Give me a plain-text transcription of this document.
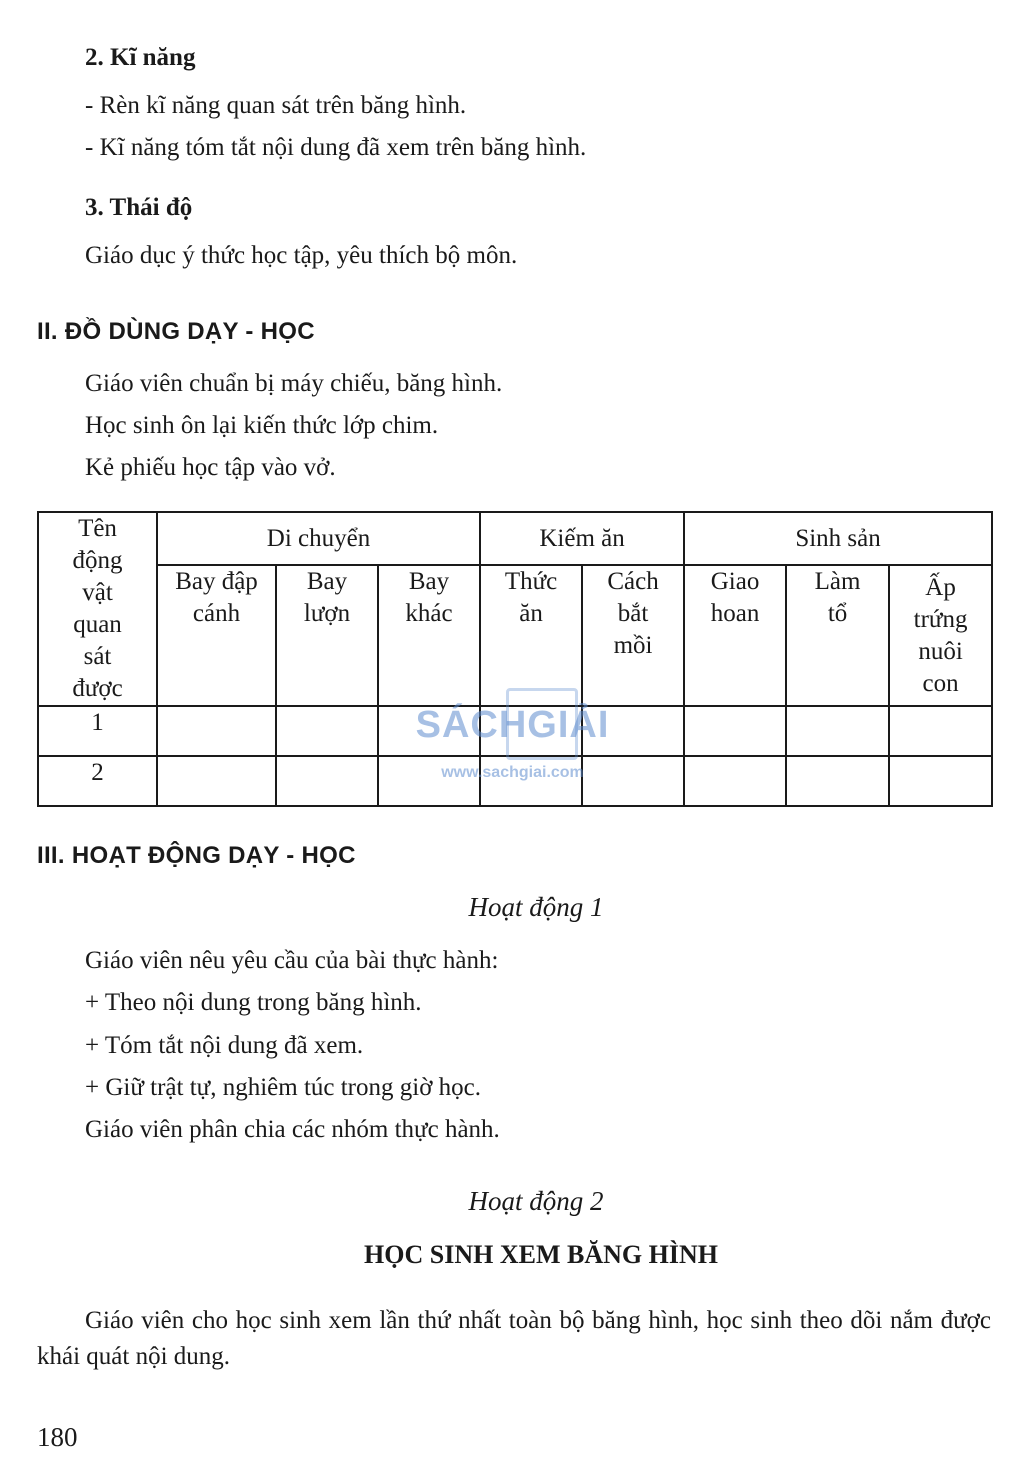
2. Kĩ năng
- Rèn kĩ năng quan sát trên băng hình.
- Kĩ năng tóm tắt nội dung đã xem trên băng hình.
3. Thái độ
Giáo dục ý thức học tập, yêu thích bộ môn.
II. ĐỒ DÙNG DẠY - HỌC
Giáo viên chuẩn bị máy chiếu, băng hình.
Học sinh ôn lại kiến thức lớp chim.
Kẻ phiếu học tập vào vở.
Tên động vật quan sát được	Di chuyển			Kiếm ăn		Sinh sản		

	Bay đập cánh	Bay lượn	Bay khác	Thức ăn	Cách bắt mồi	Giao hoan	Làm tổ	Ấp trứng nuôi con

1								
2								
SÁCHGIẢI
www.sachgiai.com
III. HOẠT ĐỘNG DẠY - HỌC
Hoạt động 1
Giáo viên nêu yêu cầu của bài thực hành:
+ Theo nội dung trong băng hình.
+ Tóm tắt nội dung đã xem.
+ Giữ trật tự, nghiêm túc trong giờ học.
Giáo viên phân chia các nhóm thực hành.
Hoạt động 2
HỌC SINH XEM BĂNG HÌNH
Giáo viên cho học sinh xem lần thứ nhất toàn bộ băng hình, học sinh theo dõi nắm được khái quát nội dung.
180
